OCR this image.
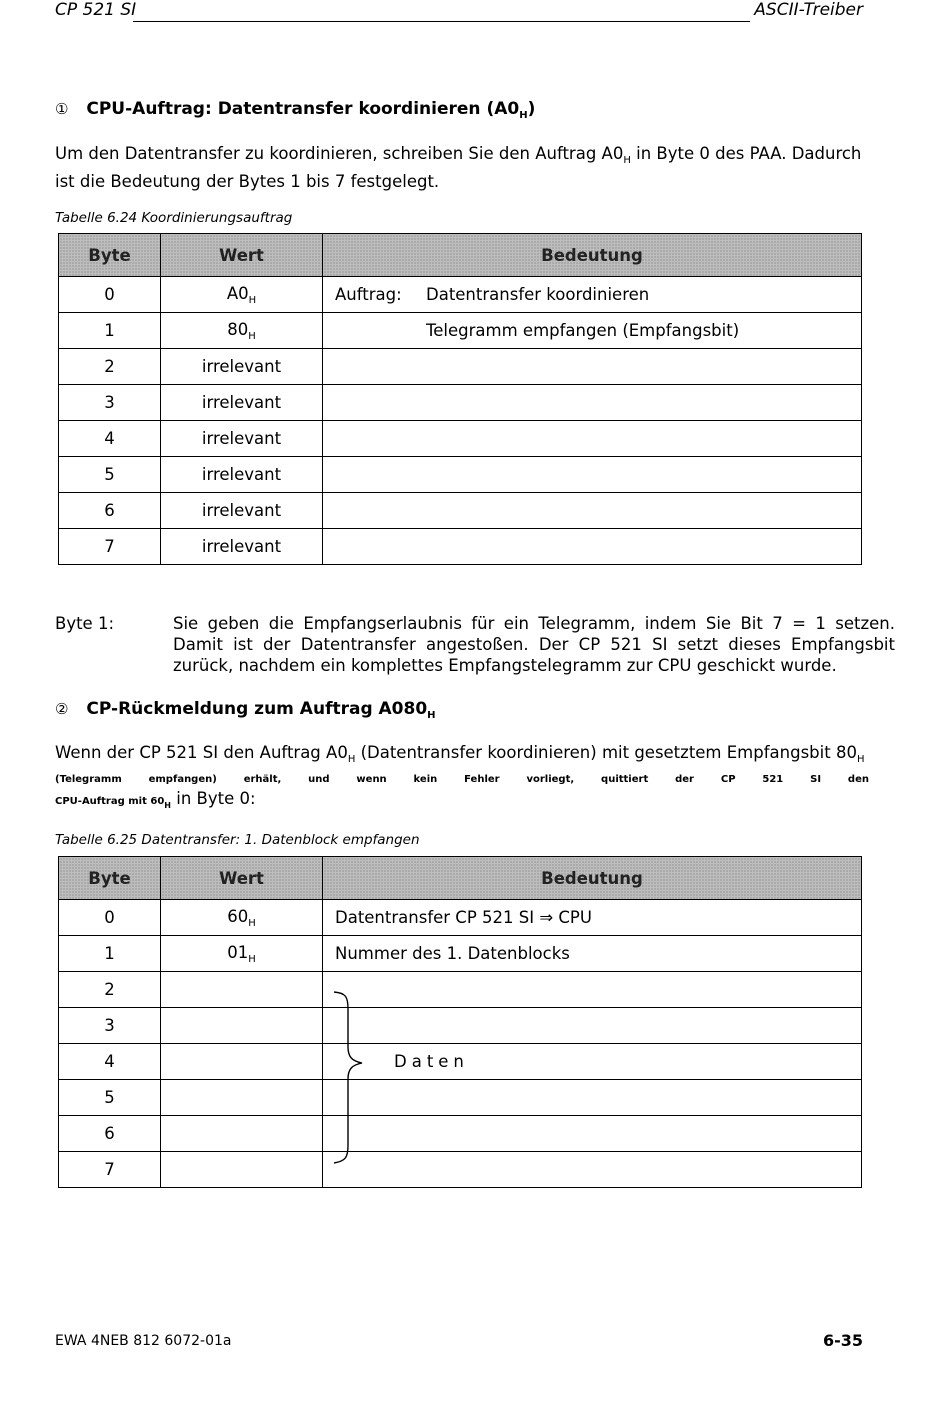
CP 521 SI	ASCII-Treiber
① CPU-Auftrag: Datentransfer koordinieren $(A0_H)$
Um den Datentransfer zu koordinieren, schreiben Sie den Auftrag $A0_H$ in Byte 0 des PAA. Dadurch
ist die Bedeutung der Bytes 1 bis 7 festgelegt.
Tabelle 6.24 Koordinierungsauftrag
Byte	Wert	Bedeutung
0	$A0_H$	Auftrag: Datentransfer koordinieren
1	$80_H$	Telegramm empfangen (Empfangsbit)
2	irrelevant	
3	irrelevant	
4	irrelevant	
5	irrelevant	
6	irrelevant	
7	irrelevant	
Byte 1:	Sie geben die Empfangserlaubnis für ein Telegramm, indem Sie Bit 7 = 1 setzen.
Damit ist der Datentransfer angestoßen. Der CP 521 SI setzt dieses Empfangsbit
zurück, nachdem ein komplettes Empfangstelegramm zur CPU geschickt wurde.
② CP-Rückmeldung zum Auftrag $A080_H$
Wenn der CP 521 SI den Auftrag $A0_H$ (Datentransfer koordinieren) mit gesetztem Empfangsbit $80_H$
(Telegramm empfangen) erhält, und wenn kein Fehler vorliegt, quittiert der CP 521 SI den
CPU-Auftrag mit $60_H$ in Byte 0:
Tabelle 6.25 Datentransfer: 1. Datenblock empfangen
Byte	Wert	Bedeutung
0	$60_H$	Datentransfer CP 521 SI ⇒ CPU
1	$01_H$	Nummer des 1. Datenblocks
2		
3		
4		
5		
6		
7		
Daten
EWA 4NEB 812 6072-01a	6-35
